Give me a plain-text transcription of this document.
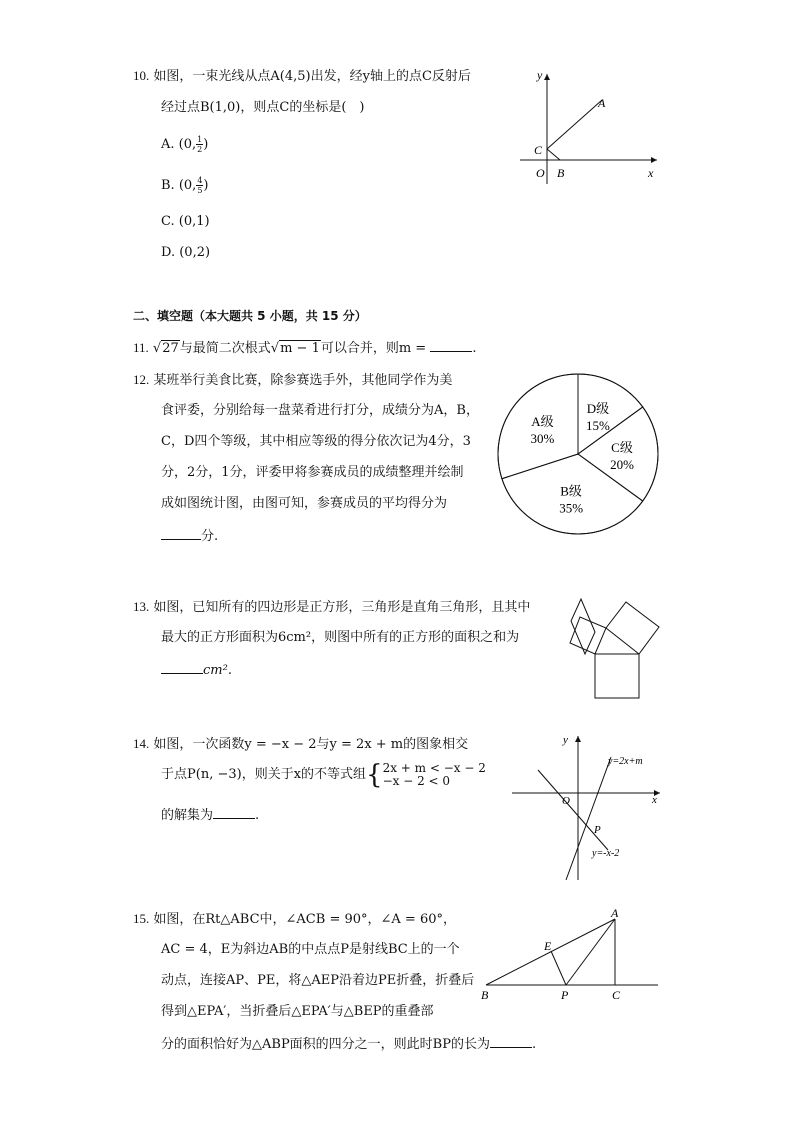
10. 如图，一束光线从点A(4,5)出发，经y轴上的点C反射后
经过点B(1,0)，则点C的坐标是(　)
A. (0, $\frac{1}{2}$ )
B. (0, $\frac{4}{5}$ )
C. (0,1)
D. (0,2)
y
x
A
C
O B
二、填空题（本大题共 5 小题，共 15 分）
11. √27与最简二次根式√m − 1可以合并，则m =	.
12. 某班举行美食比赛，除参赛选手外，其他同学作为美
食评委，分别给每一盘菜肴进行打分，成绩分为A，B，
C，D四个等级，其中相应等级的得分依次记为4分，3
分，2分，1分，评委甲将参赛成员的成绩整理并绘制
成如图统计图，由图可知，参赛成员的平均得分为
分.
D级
15%
C级
20%
B级
35%
A级
30%
13. 如图，已知所有的四边形是正方形，三角形是直角三角形，且其中
最大的正方形面积为6cm²，则图中所有的正方形的面积之和为
cm².
14. 如图，一次函数y = −x − 2与y = 2x + m的图象相交
于点P(n, −3)，则关于x的不等式组{ 2x + m < −x − 2
−x − 2 < 0
的解集为	.
y
x
O
P
y=2x+m
y=-x-2
15. 如图，在Rt△ABC中，∠ACB = 90°，∠A = 60°，
AC = 4，E为斜边AB的中点点P是射线BC上的一个
动点，连接AP、PE，将△AEP沿着边PE折叠，折叠后
得到△EPA′，当折叠后△EPA′与△BEP的重叠部
分的面积恰好为△ABP面积的四分之一，则此时BP的长为	.
A
E
B	P	C
